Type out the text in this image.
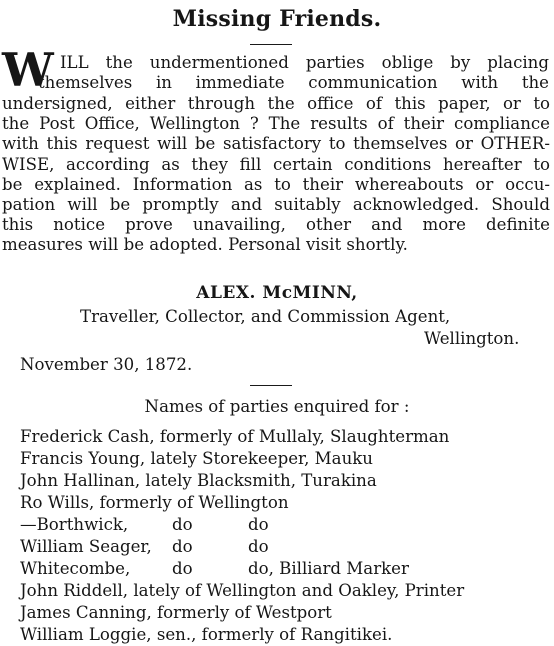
Missing Friends.
W ILL the undermentioned parties oblige by placing
themselves in immediate communication with the
undersigned, either through the office of this paper, or to
the Post Office, Wellington ? The results of their compliance
with this request will be satisfactory to themselves or OTHER-
WISE, according as they fill certain conditions hereafter to
be explained. Information as to their whereabouts or occu-
pation will be promptly and suitably acknowledged. Should
this notice prove unavailing, other and more definite
measures will be adopted. Personal visit shortly.
ALEX. McMINN,
Traveller, Collector, and Commission Agent,
Wellington.
November 30, 1872.
Names of parties enquired for :
Frederick Cash, formerly of Mullaly, Slaughterman
Francis Young, lately Storekeeper, Mauku
John Hallinan, lately Blacksmith, Turakina
Ro Wills, formerly of Wellington
—Borthwick,	do	do
William Seager, do	do
Whitecombe,	do	do, Billiard Marker
John Riddell, lately of Wellington and Oakley, Printer
James Canning, formerly of Westport
William Loggie, sen., formerly of Rangitikei.
